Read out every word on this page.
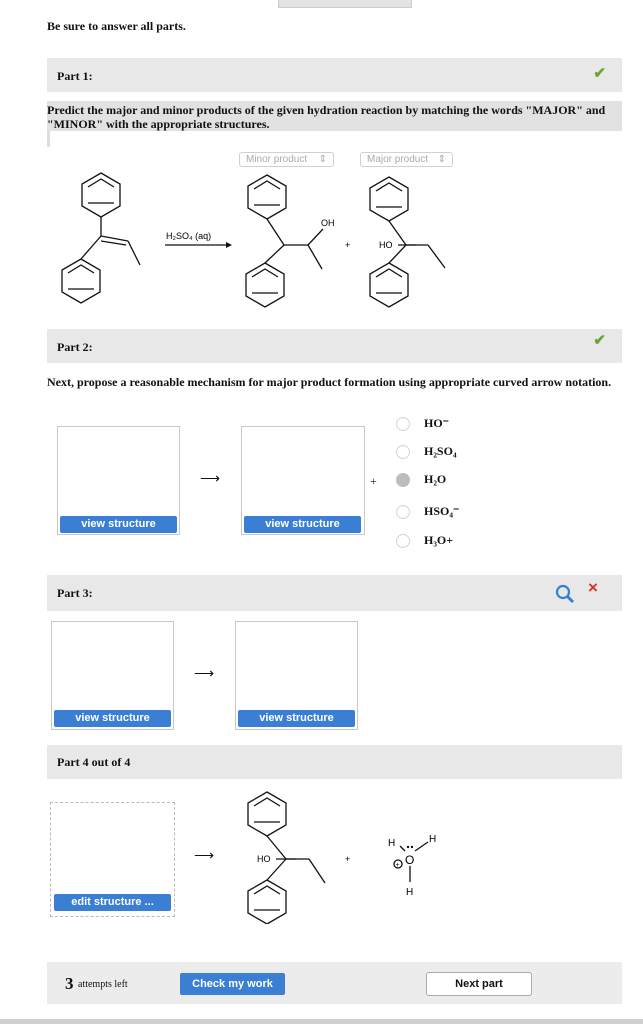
Be sure to answer all parts.
Part 1:	✔
Predict the major and minor products of the given hydration reaction by matching the words "MAJOR" and "MINOR" with the appropriate structures.
Minor product ⇕	Major product ⇕
H₂SO₄ (aq)
OH
+	HO
Part 2:	✔
Next, propose a reasonable mechanism for major product formation using appropriate curved arrow notation.
view structure	view structure
⟶	+
HO⁻
H₂SO₄
H₂O
HSO₄⁻
H₃O+
Part 3:	×
view structure	view structure
⟶
Part 4 out of 4
edit structure ...
⟶	HO	+
H	H
O
H
+
3 attempts left	Check my work	Next part
